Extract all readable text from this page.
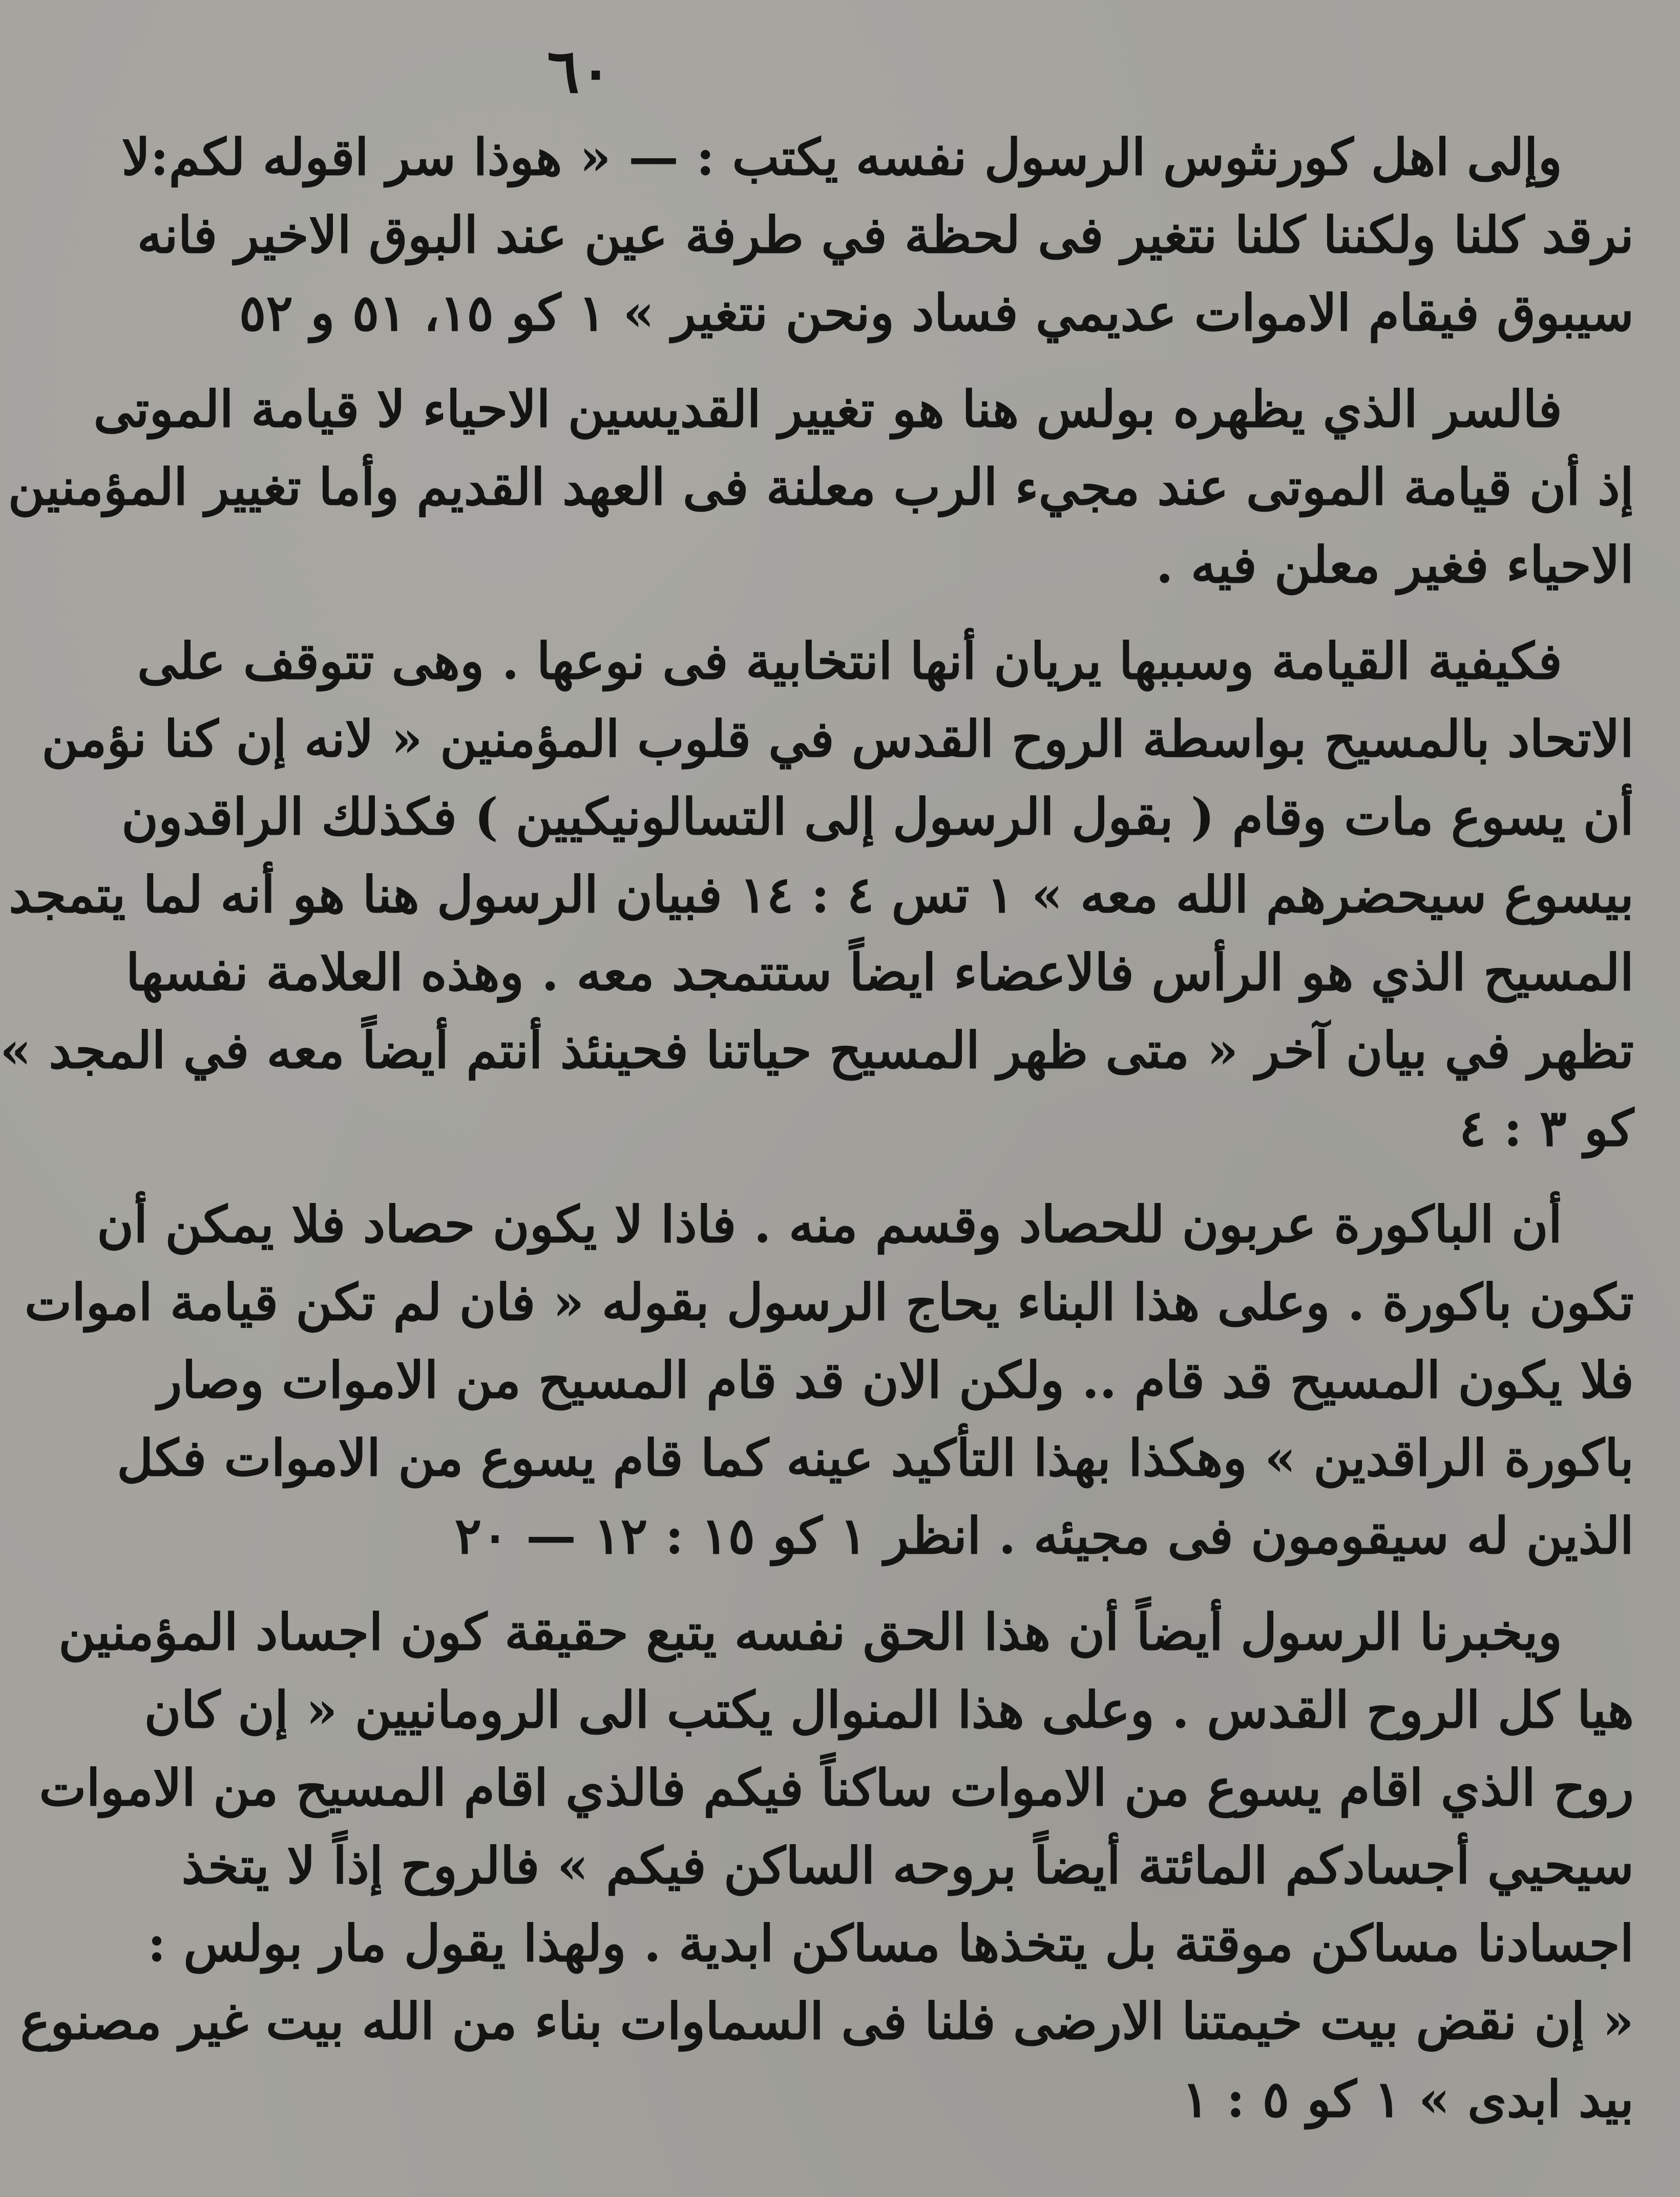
٦٠
وإلى اهل كورنثوس الرسول نفسه يكتب : — « هوذا سر اقوله لكم:لا
نرقد كلنا ولكننا كلنا نتغير فى لحظة في طرفة عين عند البوق الاخير فانه
سيبوق فيقام الاموات عديمي فساد ونحن نتغير » ١ كو ١٥، ٥١ و ٥٢
فالسر الذي يظهره بولس هنا هو تغيير القديسين الاحياء لا قيامة الموتى
إذ أن قيامة الموتى عند مجيء الرب معلنة فى العهد القديم وأما تغيير المؤمنين
الاحياء فغير معلن فيه .
فكيفية القيامة وسببها يريان أنها انتخابية فى نوعها . وهى تتوقف على
الاتحاد بالمسيح بواسطة الروح القدس في قلوب المؤمنين « لانه إن كنا نؤمن
أن يسوع مات وقام ( بقول الرسول إلى التسالونيكيين ) فكذلك الراقدون
بيسوع سيحضرهم الله معه » ١ تس ٤ : ١٤ فبيان الرسول هنا هو أنه لما يتمجد
المسيح الذي هو الرأس فالاعضاء ايضاً ستتمجد معه . وهذه العلامة نفسها
تظهر في بيان آخر « متى ظهر المسيح حياتنا فحينئذ أنتم أيضاً معه في المجد »
كو ٣ : ٤
أن الباكورة عربون للحصاد وقسم منه . فاذا لا يكون حصاد فلا يمكن أن
تكون باكورة . وعلى هذا البناء يحاج الرسول بقوله « فان لم تكن قيامة اموات
فلا يكون المسيح قد قام .. ولكن الان قد قام المسيح من الاموات وصار
باكورة الراقدين » وهكذا بهذا التأكيد عينه كما قام يسوع من الاموات فكل
الذين له سيقومون فى مجيئه . انظر ١ كو ١٥ : ١٢ — ٢٠
ويخبرنا الرسول أيضاً أن هذا الحق نفسه يتبع حقيقة كون اجساد المؤمنين
هيا كل الروح القدس . وعلى هذا المنوال يكتب الى الرومانيين « إن كان
روح الذي اقام يسوع من الاموات ساكناً فيكم فالذي اقام المسيح من الاموات
سيحيي أجسادكم المائتة أيضاً بروحه الساكن فيكم » فالروح إذاً لا يتخذ
اجسادنا مساكن موقتة بل يتخذها مساكن ابدية . ولهذا يقول مار بولس :
« إن نقض بيت خيمتنا الارضى فلنا فى السماوات بناء من الله بيت غير مصنوع
بيد ابدى » ١ كو ٥ : ١
